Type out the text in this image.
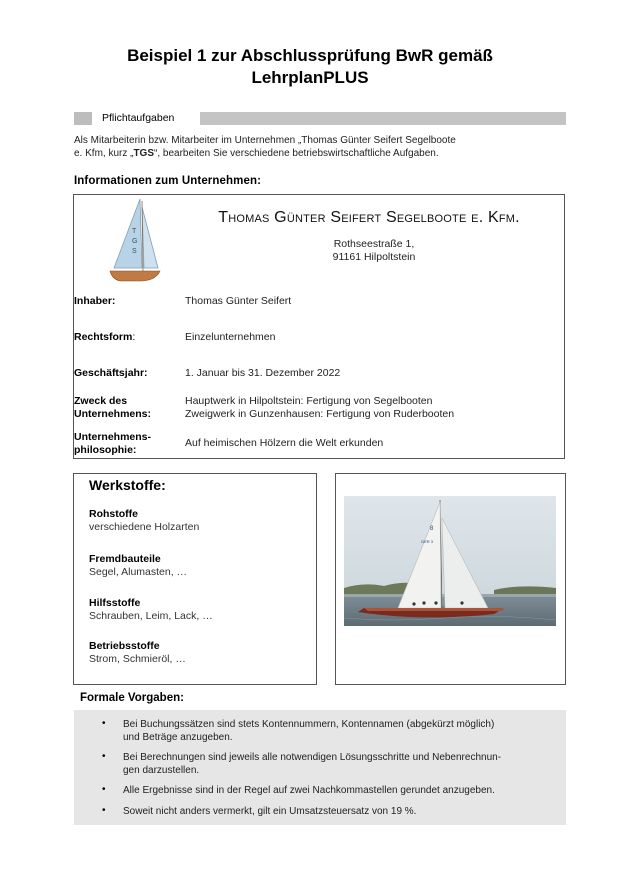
Beispiel 1 zur Abschlussprüfung BwR gemäß
LehrplanPLUS
Pflichtaufgaben
Als Mitarbeiterin bzw. Mitarbeiter im Unternehmen „Thomas Günter Seifert Segelboote
e. Kfm, kurz „TGS“, bearbeiten Sie verschiedene betriebswirtschaftliche Aufgaben.
Informationen zum Unternehmen:
T
G
S
Thomas Günter Seifert Segelboote e. Kfm.
Rothseestraße 1,
91161 Hilpoltstein
Inhaber:	Thomas Günter Seifert
Rechtsform:	Einzelunternehmen
Geschäftsjahr:	1. Januar bis 31. Dezember 2022
Zweck des
Unternehmens:
Hauptwerk in Hilpoltstein: Fertigung von Segelbooten
Zweigwerk in Gunzenhausen: Fertigung von Ruderbooten
Unternehmens-
philosophie:
Auf heimischen Hölzern die Welt erkunden
Werkstoffe:
Rohstoffe
verschiedene Holzarten
Fremdbauteile
Segel, Alumasten, …
Hilfsstoffe
Schrauben, Leim, Lack, …
Betriebsstoffe
Strom, Schmieröl, …
GER 3
8
Formale Vorgaben:
• Bei Buchungssätzen sind stets Kontennummern, Kontennamen (abgekürzt möglich)
und Beträge anzugeben.
• Bei Berechnungen sind jeweils alle notwendigen Lösungsschritte und Nebenrechnun-
gen darzustellen.
• Alle Ergebnisse sind in der Regel auf zwei Nachkommastellen gerundet anzugeben.
• Soweit nicht anders vermerkt, gilt ein Umsatzsteuersatz von 19 %.
